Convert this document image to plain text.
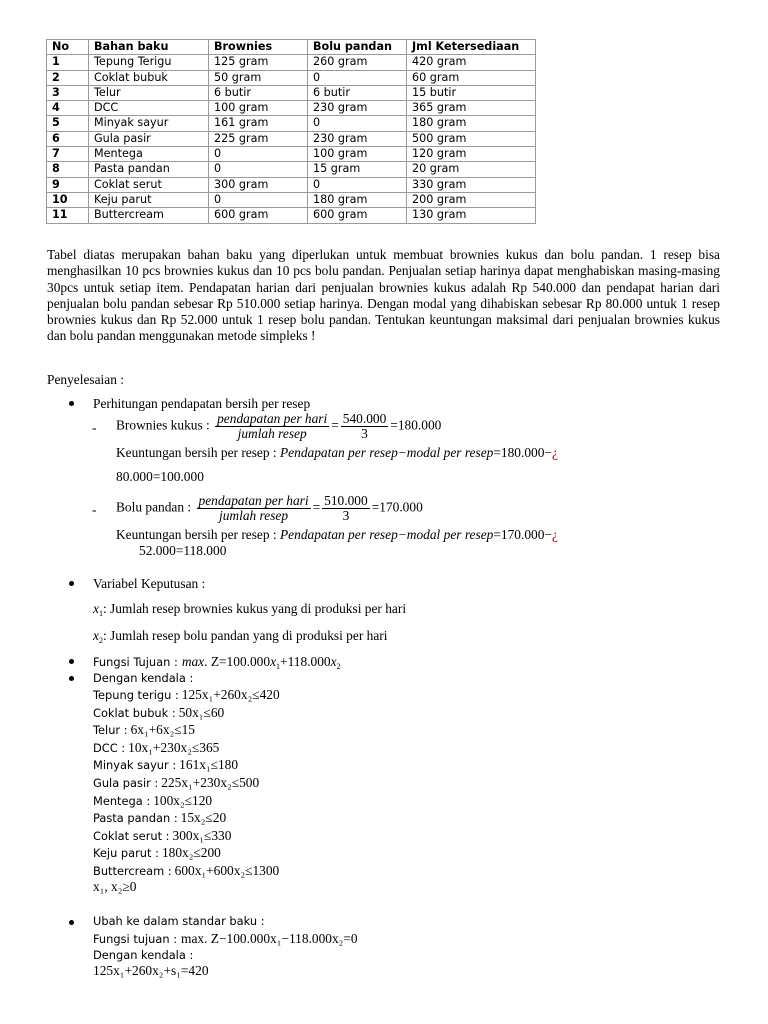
No	Bahan baku	Brownies	Bolu pandan	Jml Ketersediaan
1	Tepung Terigu	125 gram	260 gram	420 gram
2	Coklat bubuk	50 gram	0	60 gram
3	Telur	6 butir	6 butir	15 butir
4	DCC	100 gram	230 gram	365 gram
5	Minyak sayur	161 gram	0	180 gram
6	Gula pasir	225 gram	230 gram	500 gram
7	Mentega	0	100 gram	120 gram
8	Pasta pandan	0	15 gram	20 gram
9	Coklat serut	300 gram	0	330 gram
10	Keju parut	0	180 gram	200 gram
11	Buttercream	600 gram	600 gram	130 gram
Tabel diatas merupakan bahan baku yang diperlukan untuk membuat brownies kukus dan bolu pandan. 1 resep bisa menghasilkan 10 pcs brownies kukus dan 10 pcs bolu pandan. Penjualan setiap harinya dapat menghabiskan masing-masing 30pcs untuk setiap item. Pendapatan harian dari penjualan brownies kukus adalah Rp 540.000 dan pendapat harian dari penjualan bolu pandan sebesar Rp 510.000 setiap harinya. Dengan modal yang dihabiskan sebesar Rp 80.000 untuk 1 resep brownies kukus dan Rp 52.000 untuk 1 resep bolu pandan. Tentukan keuntungan maksimal dari penjualan brownies kukus dan bolu pandan menggunakan metode simpleks !
Penyelesaian :
Perhitungan pendapatan bersih per resep
- Brownies kukus : $\frac{\text{pendapatan per hari}}{\text{jumlah resep}} = \frac{540.000}{3} =180.000$
Keuntungan bersih per resep : Pendapatan per resep−modal per resep=180.000−¿
80.000=100.000
- Bolu pandan : $\frac{\text{pendapatan per hari}}{\text{jumlah resep}} = \frac{510.000}{3} =170.000$
Keuntungan bersih per resep : Pendapatan per resep−modal per resep=170.000−¿
52.000=118.000
Variabel Keputusan :
$x_1$: Jumlah resep brownies kukus yang di produksi per hari
$x_2$: Jumlah resep bolu pandan yang di produksi per hari
Fungsi Tujuan : max. $Z=100.000x_1+118.000x_2$
Dengan kendala :
Tepung terigu : 125x₁+260x₂≤420
Coklat bubuk : 50x₁≤60
Telur : 6x₁+6x₂≤15
DCC : 10x₁+230x₂≤365
Minyak sayur : 161x₁≤180
Gula pasir : 225x₁+230x₂≤500
Mentega : 100x₂≤120
Pasta pandan : 15x₂≤20
Coklat serut : 300x₁≤330
Keju parut : 180x₂≤200
Buttercream : 600x₁+600x₂≤1300
x₁, x₂≥0
Ubah ke dalam standar baku :
Fungsi tujuan : max. Z−100.000x₁−118.000x₂=0
Dengan kendala :
125x₁+260x₂+s₁=420
